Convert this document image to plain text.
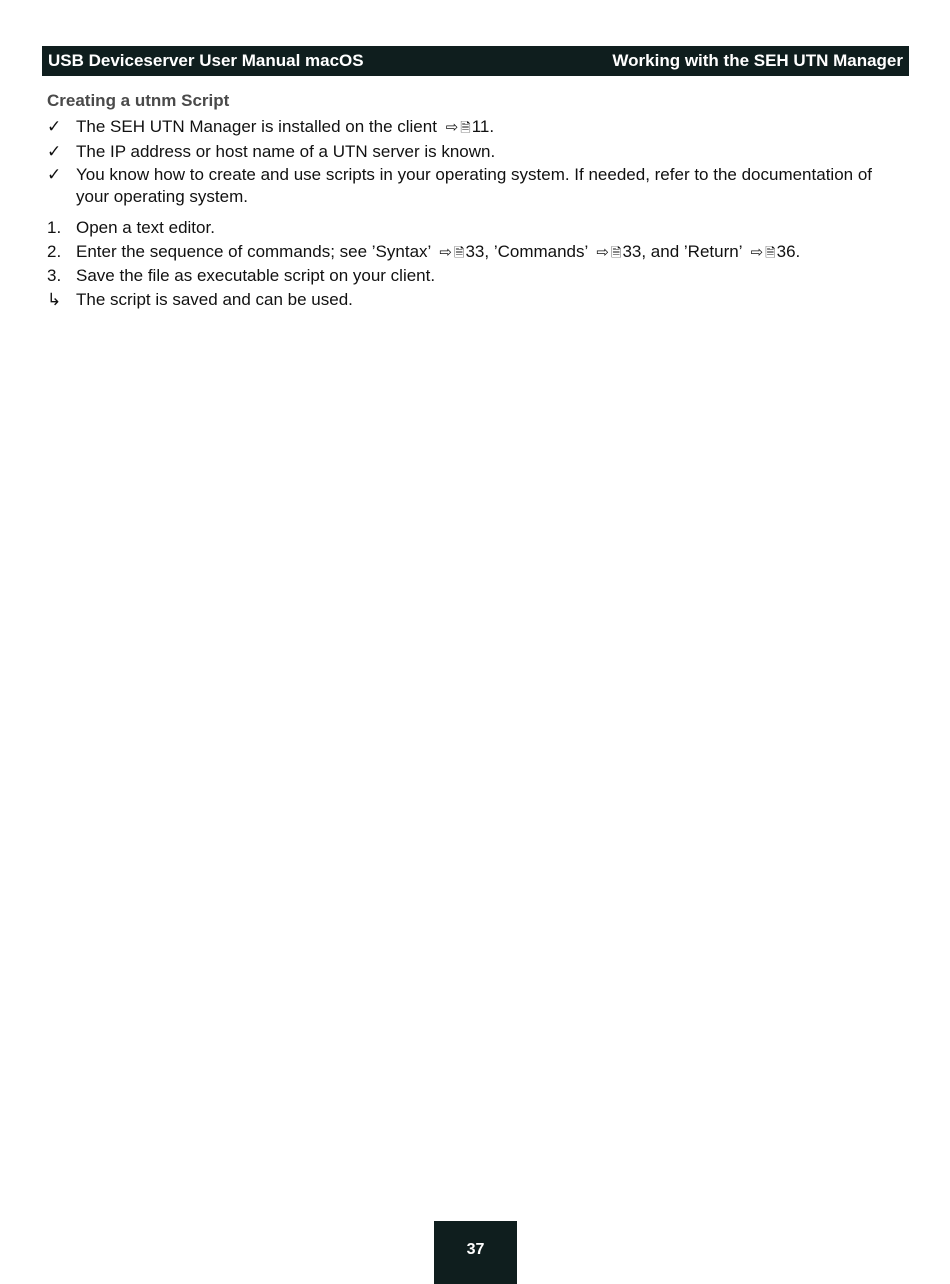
USB Deviceserver User Manual macOS	Working with the SEH UTN Manager
Creating a utnm Script
✓ The SEH UTN Manager is installed on the client ⇨ 🗎11.
✓ The IP address or host name of a UTN server is known.
✓ You know how to create and use scripts in your operating system. If needed, refer to the documentation of your operating system.
1. Open a text editor.
2. Enter the sequence of commands; see ’Syntax’ ⇨ 🗎33, ’Commands’ ⇨ 🗎33, and ’Return’ ⇨ 🗎36.
3. Save the file as executable script on your client.
↳ The script is saved and can be used.
37
